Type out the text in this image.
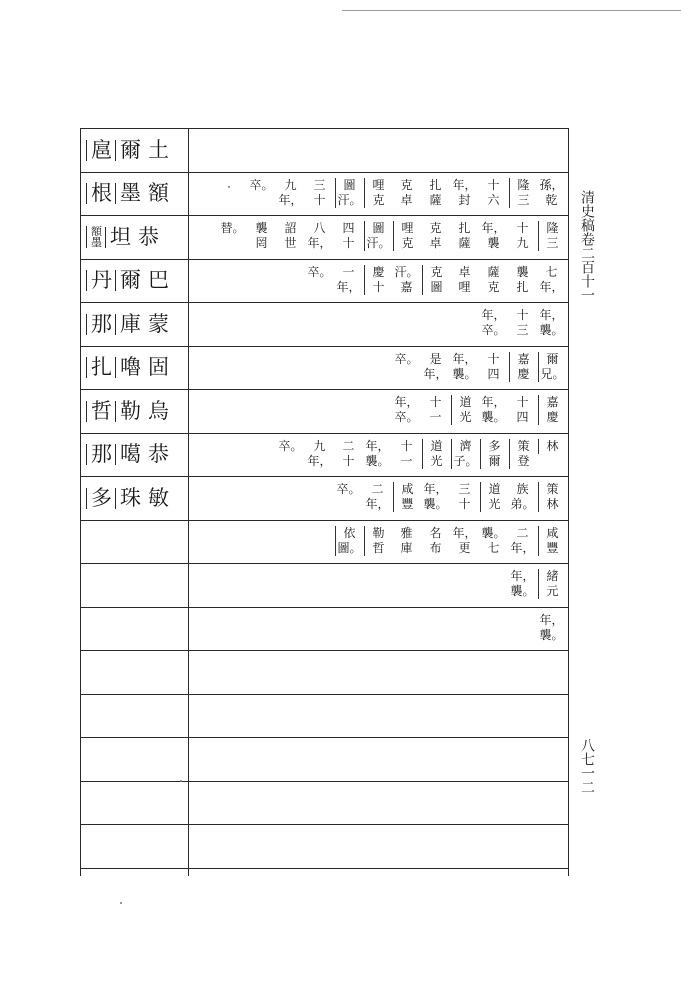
扈 爾 土
根 墨 額
額
墨 坦 恭
丹 爾 巴
那 庫 蒙
扎 嚕 固
哲 勒 烏
那 噶 恭
多 珠 敏
孫，
乾
隆
三
十
六
年，
封
扎
薩
克
卓
哩
克
圖
汗。
三
十
九
年，
卒。
隆
三
十
九
年，
襲
扎
薩
克
卓
哩
克
圖
汗。
四
十
八
年，
詔
世
襲
罔
替。
七
年，
襲
扎
薩
克
卓
哩
克
圖
汗。
嘉
慶
十
一
年，
卒。
年，
襲。
十
三
年，
卒。
爾
兄。
嘉
慶
十
四
年，
襲。
是
年，
卒。
嘉
慶
十
四
年，
襲。
道
光
十
一
年，
卒。
林
策
登
多
爾
濟
子。
道
光
十
一
年，
襲。
二
十
九
年，
卒。
策
林
族
弟。
道
光
三
十
年，
襲。
咸
豐
二
年，
卒。
咸
豐
二
年，
襲。
七
年，
更
名
布
雅
庫
勒
哲
依
圖。
緒
元
年，
襲。
年，
襲。
清史稿卷二百十一
八七一二
